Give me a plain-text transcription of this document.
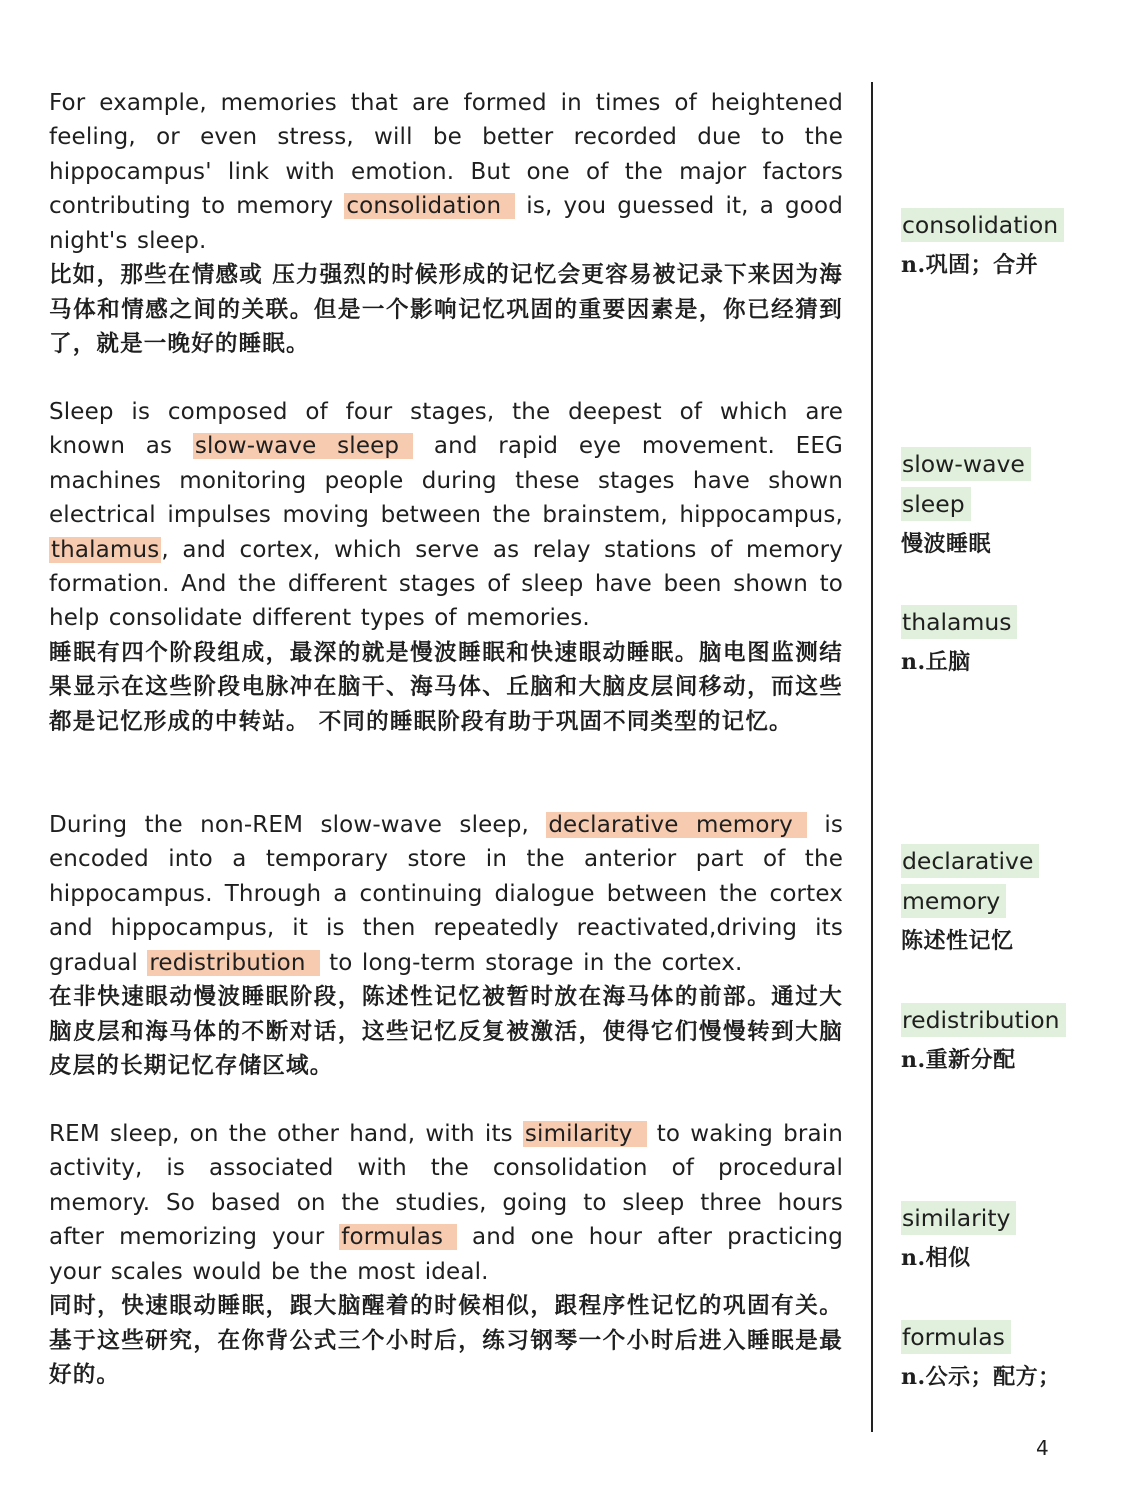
For example, memories that are formed in times of heightened feeling, or even stress, will be better recorded due to the hippocampus' link with emotion. But one of the major factors contributing to memory consolidation is, you guessed it, a good night's sleep.
比如，那些在情感或 压力强烈的时候形成的记忆会更容易被记录下来因为海马体和情感之间的关联。但是一个影响记忆巩固的重要因素是，你已经猜到了，就是一晚好的睡眠。
Sleep is composed of four stages, the deepest of which are known as slow-wave sleep and rapid eye movement. EEG machines monitoring people during these stages have shown electrical impulses moving between the brainstem, hippocampus, thalamus, and cortex, which serve as relay stations of memory formation. And the different stages of sleep have been shown to help consolidate different types of memories.
睡眠有四个阶段组成，最深的就是慢波睡眠和快速眼动睡眠。脑电图监测结果显示在这些阶段电脉冲在脑干、海马体、丘脑和大脑皮层间移动，而这些都是记忆形成的中转站。 不同的睡眠阶段有助于巩固不同类型的记忆。
During the non-REM slow-wave sleep, declarative memory is encoded into a temporary store in the anterior part of the hippocampus. Through a continuing dialogue between the cortex and hippocampus, it is then repeatedly reactivated,driving its gradual redistribution to long-term storage in the cortex.
在非快速眼动慢波睡眠阶段，陈述性记忆被暂时放在海马体的前部。通过大脑皮层和海马体的不断对话，这些记忆反复被激活，使得它们慢慢转到大脑皮层的长期记忆存储区域。
REM sleep, on the other hand, with its similarity to waking brain activity, is associated with the consolidation of procedural memory. So based on the studies, going to sleep three hours after memorizing your formulas and one hour after practicing your scales would be the most ideal.
同时，快速眼动睡眠，跟大脑醒着的时候相似，跟程序性记忆的巩固有关。基于这些研究，在你背公式三个小时后，练习钢琴一个小时后进入睡眠是最好的。
consolidation

n.巩固；合并
slow-wave
sleep

慢波睡眠
thalamus

n.丘脑
declarative
memory

陈述性记忆
redistribution

n.重新分配
similarity

n.相似
formulas

n.公示；配方；
4
